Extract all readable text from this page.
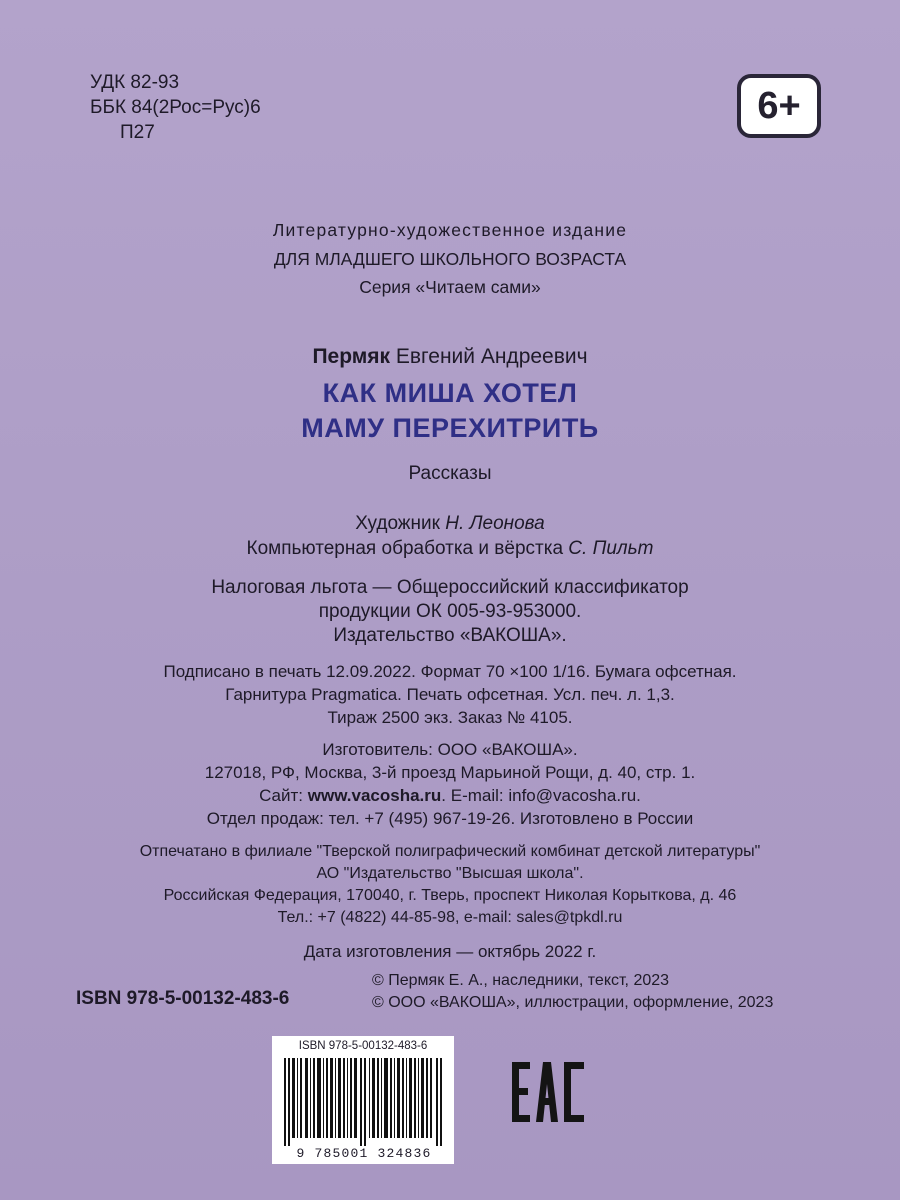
УДК 82-93
ББК 84(2Рос=Рус)6
П27
6+
Литературно-художественное издание
ДЛЯ МЛАДШЕГО ШКОЛЬНОГО ВОЗРАСТА
Серия «Читаем сами»
Пермяк Евгений Андреевич
КАК МИША ХОТЕЛ
МАМУ ПЕРЕХИТРИТЬ
Рассказы
Художник Н. Леонова
Компьютерная обработка и вёрстка С. Пильт
Налоговая льгота — Общероссийский классификатор
продукции ОК 005-93-953000.
Издательство «ВАКОША».
Подписано в печать 12.09.2022. Формат 70 ×100 1/16. Бумага офсетная.
Гарнитура Pragmatica. Печать офсетная. Усл. печ. л. 1,3.
Тираж 2500 экз. Заказ № 4105.
Изготовитель: ООО «ВАКОША».
127018, РФ, Москва, 3-й проезд Марьиной Рощи, д. 40, стр. 1.
Сайт: www.vacosha.ru. E-mail: info@vacosha.ru.
Отдел продаж: тел. +7 (495) 967-19-26. Изготовлено в России
Отпечатано в филиале "Тверской полиграфический комбинат детской литературы"
АО "Издательство "Высшая школа".
Российская Федерация, 170040, г. Тверь, проспект Николая Корыткова, д. 46
Тел.: +7 (4822) 44-85-98, e-mail: sales@tpkdl.ru
Дата изготовления — октябрь 2022 г.
© Пермяк Е. А., наследники, текст, 2023
© ООО «ВАКОША», иллюстрации, оформление, 2023
ISBN 978-5-00132-483-6
ISBN 978-5-00132-483-6
9 785001 324836
